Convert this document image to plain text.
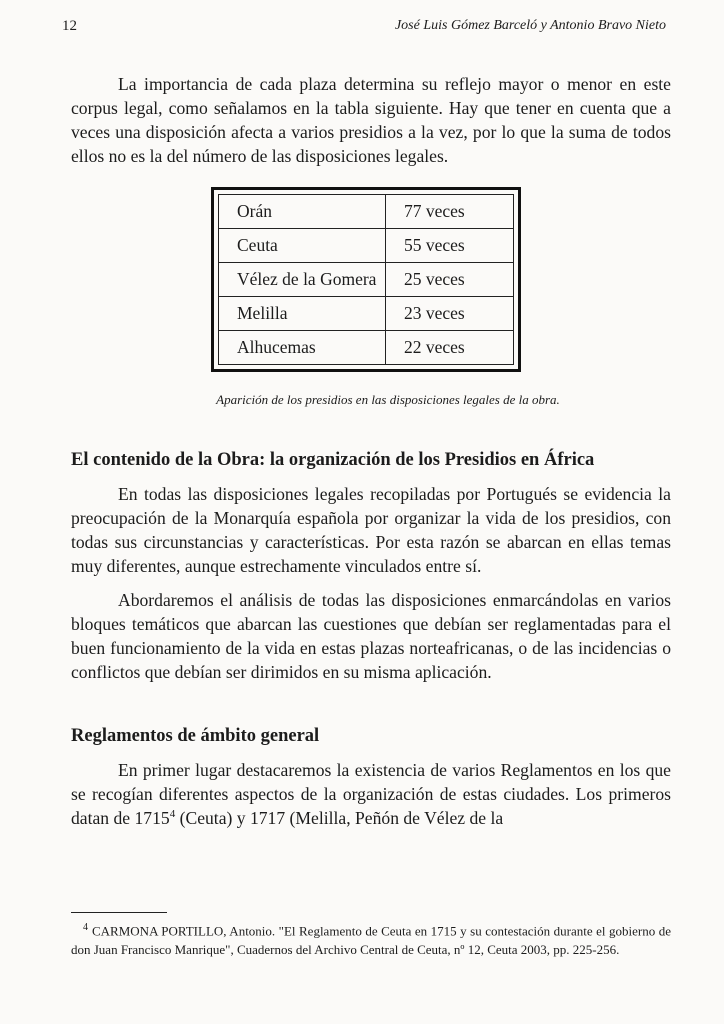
12	José Luis Gómez Barceló y Antonio Bravo Nieto

La importancia de cada plaza determina su reflejo mayor o menor en este corpus legal, como señalamos en la tabla siguiente. Hay que tener en cuenta que a veces una disposición afecta a varios presidios a la vez, por lo que la suma de todos ellos no es la del número de las disposiciones legales.

Orán	77 veces
Ceuta	55 veces
Vélez de la Gomera	25 veces
Melilla	23 veces
Alhucemas	22 veces
Aparición de los presidios en las disposiciones legales de la obra.
El contenido de la Obra: la organización de los Presidios en África

En todas las disposiciones legales recopiladas por Portugués se evidencia la preocupación de la Monarquía española por organizar la vida de los presidios, con todas sus circunstancias y características. Por esta razón se abarcan en ellas temas muy diferentes, aunque estrechamente vinculados entre sí.

Abordaremos el análisis de todas las disposiciones enmarcándolas en varios bloques temáticos que abarcan las cuestiones que debían ser reglamentadas para el buen funcionamiento de la vida en estas plazas norteafricanas, o de las incidencias o conflictos que debían ser dirimidos en su misma aplicación.

Reglamentos de ámbito general

En primer lugar destacaremos la existencia de varios Reglamentos en los que se recogían diferentes aspectos de la organización de estas ciudades. Los primeros datan de 1715$^4$ (Ceuta) y 1717 (Melilla, Peñón de Vélez de la

$^4$ CARMONA PORTILLO, Antonio. "El Reglamento de Ceuta en 1715 y su contestación durante el gobierno de don Juan Francisco Manrique", Cuadernos del Archivo Central de Ceuta, nº 12, Ceuta 2003, pp. 225-256.
